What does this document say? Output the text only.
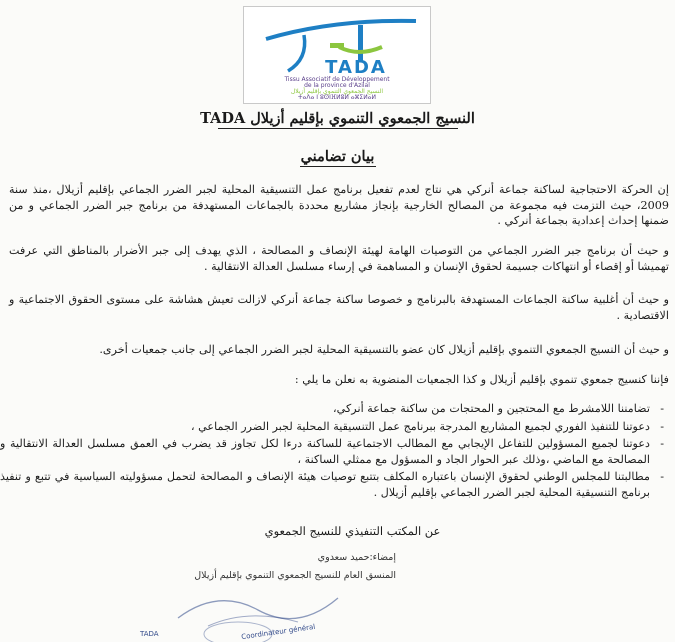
TADA
Tissu Associatif de Développement
de la province d'Azilal
النسيج الجمعوي التنموي بإقليم أزيلال
ⵜⴰⴷⴰ ⵏ ⵓⵙⵏⴼⵍⵓⵍ ⴰⵣⵉⵍⴰⵍ
النسيج الجمعوي التنموي بإقليم أزيلال TADA
بيان تضامني

إن الحركة الاحتجاجية لساكنة جماعة أنركي هي نتاج لعدم تفعيل برنامج عمل التنسيقية المحلية لجبر الضرر الجماعي بإقليم أزيلال ،منذ سنة 2009، حيث التزمت فيه مجموعة من المصالح الخارجية بإنجاز مشاريع محددة بالجماعات المستهدفة من برنامج جبر الضرر الجماعي و من ضمنها إحداث إعدادية بجماعة أنركي .

و حيث أن برنامج جبر الضرر الجماعي من التوصيات الهامة لهيئة الإنصاف و المصالحة ، الذي يهدف إلى جبر الأضرار بالمناطق التي عرفت تهميشا أو إقصاء أو انتهاكات جسيمة لحقوق الإنسان و المساهمة في إرساء مسلسل العدالة الانتقالية .

و حيث أن أغلبية ساكنة الجماعات المستهدفة بالبرنامج و خصوصا ساكنة جماعة أنركي لازالت تعيش هشاشة على مستوى الحقوق الاجتماعية و الاقتصادية .

و حيث أن النسيج الجمعوي التنموي بإقليم أزيلال كان عضو بالتنسيقية المحلية لجبر الضرر الجماعي إلى جانب جمعيات أخرى.

فإننا كنسيج جمعوي تنموي بإقليم أزيلال و كذا الجمعيات المنضوية به نعلن ما يلي :

- تضامننا اللامشرط مع المحتجين و المحتجات من ساكنة جماعة أنركي،
- دعوتنا للتنفيذ الفوري لجميع المشاريع المدرجة ببرنامج عمل التنسيقية المحلية لجبر الضرر الجماعي ،
- دعوتنا لجميع المسؤولين للتفاعل الإيجابي مع المطالب الاجتماعية للساكنة درءا لكل تجاوز قد يضرب في العمق مسلسل العدالة الانتقالية و المصالحة مع الماضي ،وذلك عبر الحوار الجاد و المسؤول مع ممثلي الساكنة ،
- مطالبتنا للمجلس الوطني لحقوق الإنسان باعتباره المكلف بتتبع توصيات هيئة الإنصاف و المصالحة لتحمل مسؤوليته السياسية في تتبع و تنفيذ برنامج التنسيقية المحلية لجبر الضرر الجماعي بإقليم أزيلال .
عن المكتب التنفيذي للنسيج الجمعوي
إمضاء:حميد سعدوي
المنسق العام للنسيج الجمعوي التنموي بإقليم أزيلال
Coordinateur général
TADA
